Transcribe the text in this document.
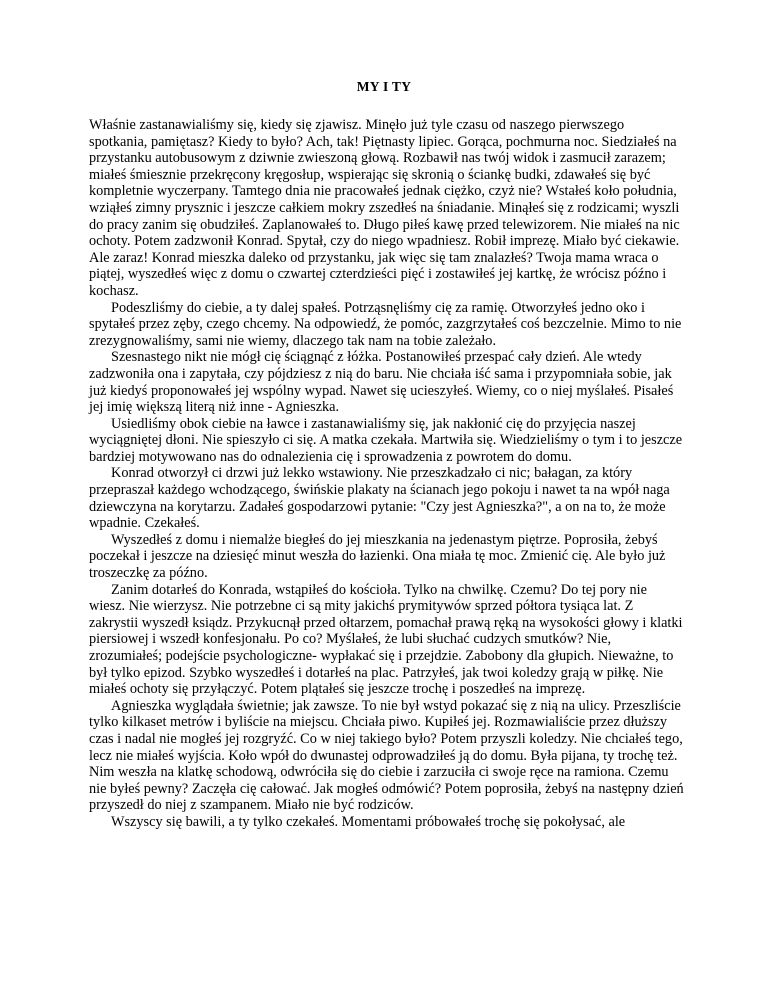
MY I TY

Właśnie zastanawialiśmy się, kiedy się zjawisz. Minęło już tyle czasu od naszego pierwszego spotkania, pamiętasz? Kiedy to było? Ach, tak! Piętnasty lipiec. Gorąca, pochmurna noc. Siedziałeś na przystanku autobusowym z dziwnie zwieszoną głową. Rozbawił nas twój widok i zasmucił zarazem; miałeś śmiesznie przekręcony kręgosłup, wspierając się skronią o ściankę budki, zdawałeś się być kompletnie wyczerpany. Tamtego dnia nie pracowałeś jednak ciężko, czyż nie? Wstałeś koło południa, wziąłeś zimny prysznic i jeszcze całkiem mokry zszedłeś na śniadanie. Minąłeś się z rodzicami; wyszli do pracy zanim się obudziłeś. Zaplanowałeś to. Długo piłeś kawę przed telewizorem. Nie miałeś na nic ochoty. Potem zadzwonił Konrad. Spytał, czy do niego wpadniesz. Robił imprezę. Miało być ciekawie. Ale zaraz! Konrad mieszka daleko od przystanku, jak więc się tam znalazłeś? Twoja mama wraca o piątej, wyszedłeś więc z domu o czwartej czterdzieści pięć i zostawiłeś jej kartkę, że wrócisz późno i kochasz.

Podeszliśmy do ciebie, a ty dalej spałeś. Potrząsnęliśmy cię za ramię. Otworzyłeś jedno oko i spytałeś przez zęby, czego chcemy. Na odpowiedź, że pomóc, zazgrzytałeś coś bezczelnie. Mimo to nie zrezygnowaliśmy, sami nie wiemy, dlaczego tak nam na tobie zależało.

Szesnastego nikt nie mógł cię ściągnąć z łóżka. Postanowiłeś przespać cały dzień. Ale wtedy zadzwoniła ona i zapytała, czy pójdziesz z nią do baru. Nie chciała iść sama i przypomniała sobie, jak już kiedyś proponowałeś jej wspólny wypad. Nawet się ucieszyłeś. Wiemy, co o niej myślałeś. Pisałeś jej imię większą literą niż inne - Agnieszka.

Usiedliśmy obok ciebie na ławce i zastanawialiśmy się, jak nakłonić cię do przyjęcia naszej wyciągniętej dłoni. Nie spieszyło ci się. A matka czekała. Martwiła się. Wiedzieliśmy o tym i to jeszcze bardziej motywowano nas do odnalezienia cię i sprowadzenia z powrotem do domu.

Konrad otworzył ci drzwi już lekko wstawiony. Nie przeszkadzało ci nic; bałagan, za który przepraszał każdego wchodzącego, świńskie plakaty na ścianach jego pokoju i nawet ta na wpół naga dziewczyna na korytarzu. Zadałeś gospodarzowi pytanie: "Czy jest Agnieszka?", a on na to, że może wpadnie. Czekałeś.

Wyszedłeś z domu i niemalże biegłeś do jej mieszkania na jedenastym piętrze. Poprosiła, żebyś poczekał i jeszcze na dziesięć minut weszła do łazienki. Ona miała tę moc. Zmienić cię. Ale było już troszeczkę za późno.

Zanim dotarłeś do Konrada, wstąpiłeś do kościoła. Tylko na chwilkę. Czemu? Do tej pory nie wiesz. Nie wierzysz. Nie potrzebne ci są mity jakichś prymitywów sprzed półtora tysiąca lat. Z zakrystii wyszedł ksiądz. Przykucnął przed ołtarzem, pomachał prawą ręką na wysokości głowy i klatki piersiowej i wszedł konfesjonału. Po co? Myślałeś, że lubi słuchać cudzych smutków? Nie, zrozumiałeś; podejście psychologiczne- wypłakać się i przejdzie. Zabobony dla głupich. Nieważne, to był tylko epizod. Szybko wyszedłeś i dotarłeś na plac. Patrzyłeś, jak twoi koledzy grają w piłkę. Nie miałeś ochoty się przyłączyć. Potem plątałeś się jeszcze trochę i poszedłeś na imprezę.

Agnieszka wyglądała świetnie; jak zawsze. To nie był wstyd pokazać się z nią na ulicy. Przeszliście tylko kilkaset metrów i byliście na miejscu. Chciała piwo. Kupiłeś jej. Rozmawialiście przez dłuższy czas i nadal nie mogłeś jej rozgryźć. Co w niej takiego było? Potem przyszli koledzy. Nie chciałeś tego, lecz nie miałeś wyjścia. Koło wpół do dwunastej odprowadziłeś ją do domu. Była pijana, ty trochę też. Nim weszła na klatkę schodową, odwróciła się do ciebie i zarzuciła ci swoje ręce na ramiona. Czemu nie byłeś pewny? Zaczęła cię całować. Jak mogłeś odmówić? Potem poprosiła, żebyś na następny dzień przyszedł do niej z szampanem. Miało nie być rodziców.

Wszyscy się bawili, a ty tylko czekałeś. Momentami próbowałeś trochę się pokołysać, ale
